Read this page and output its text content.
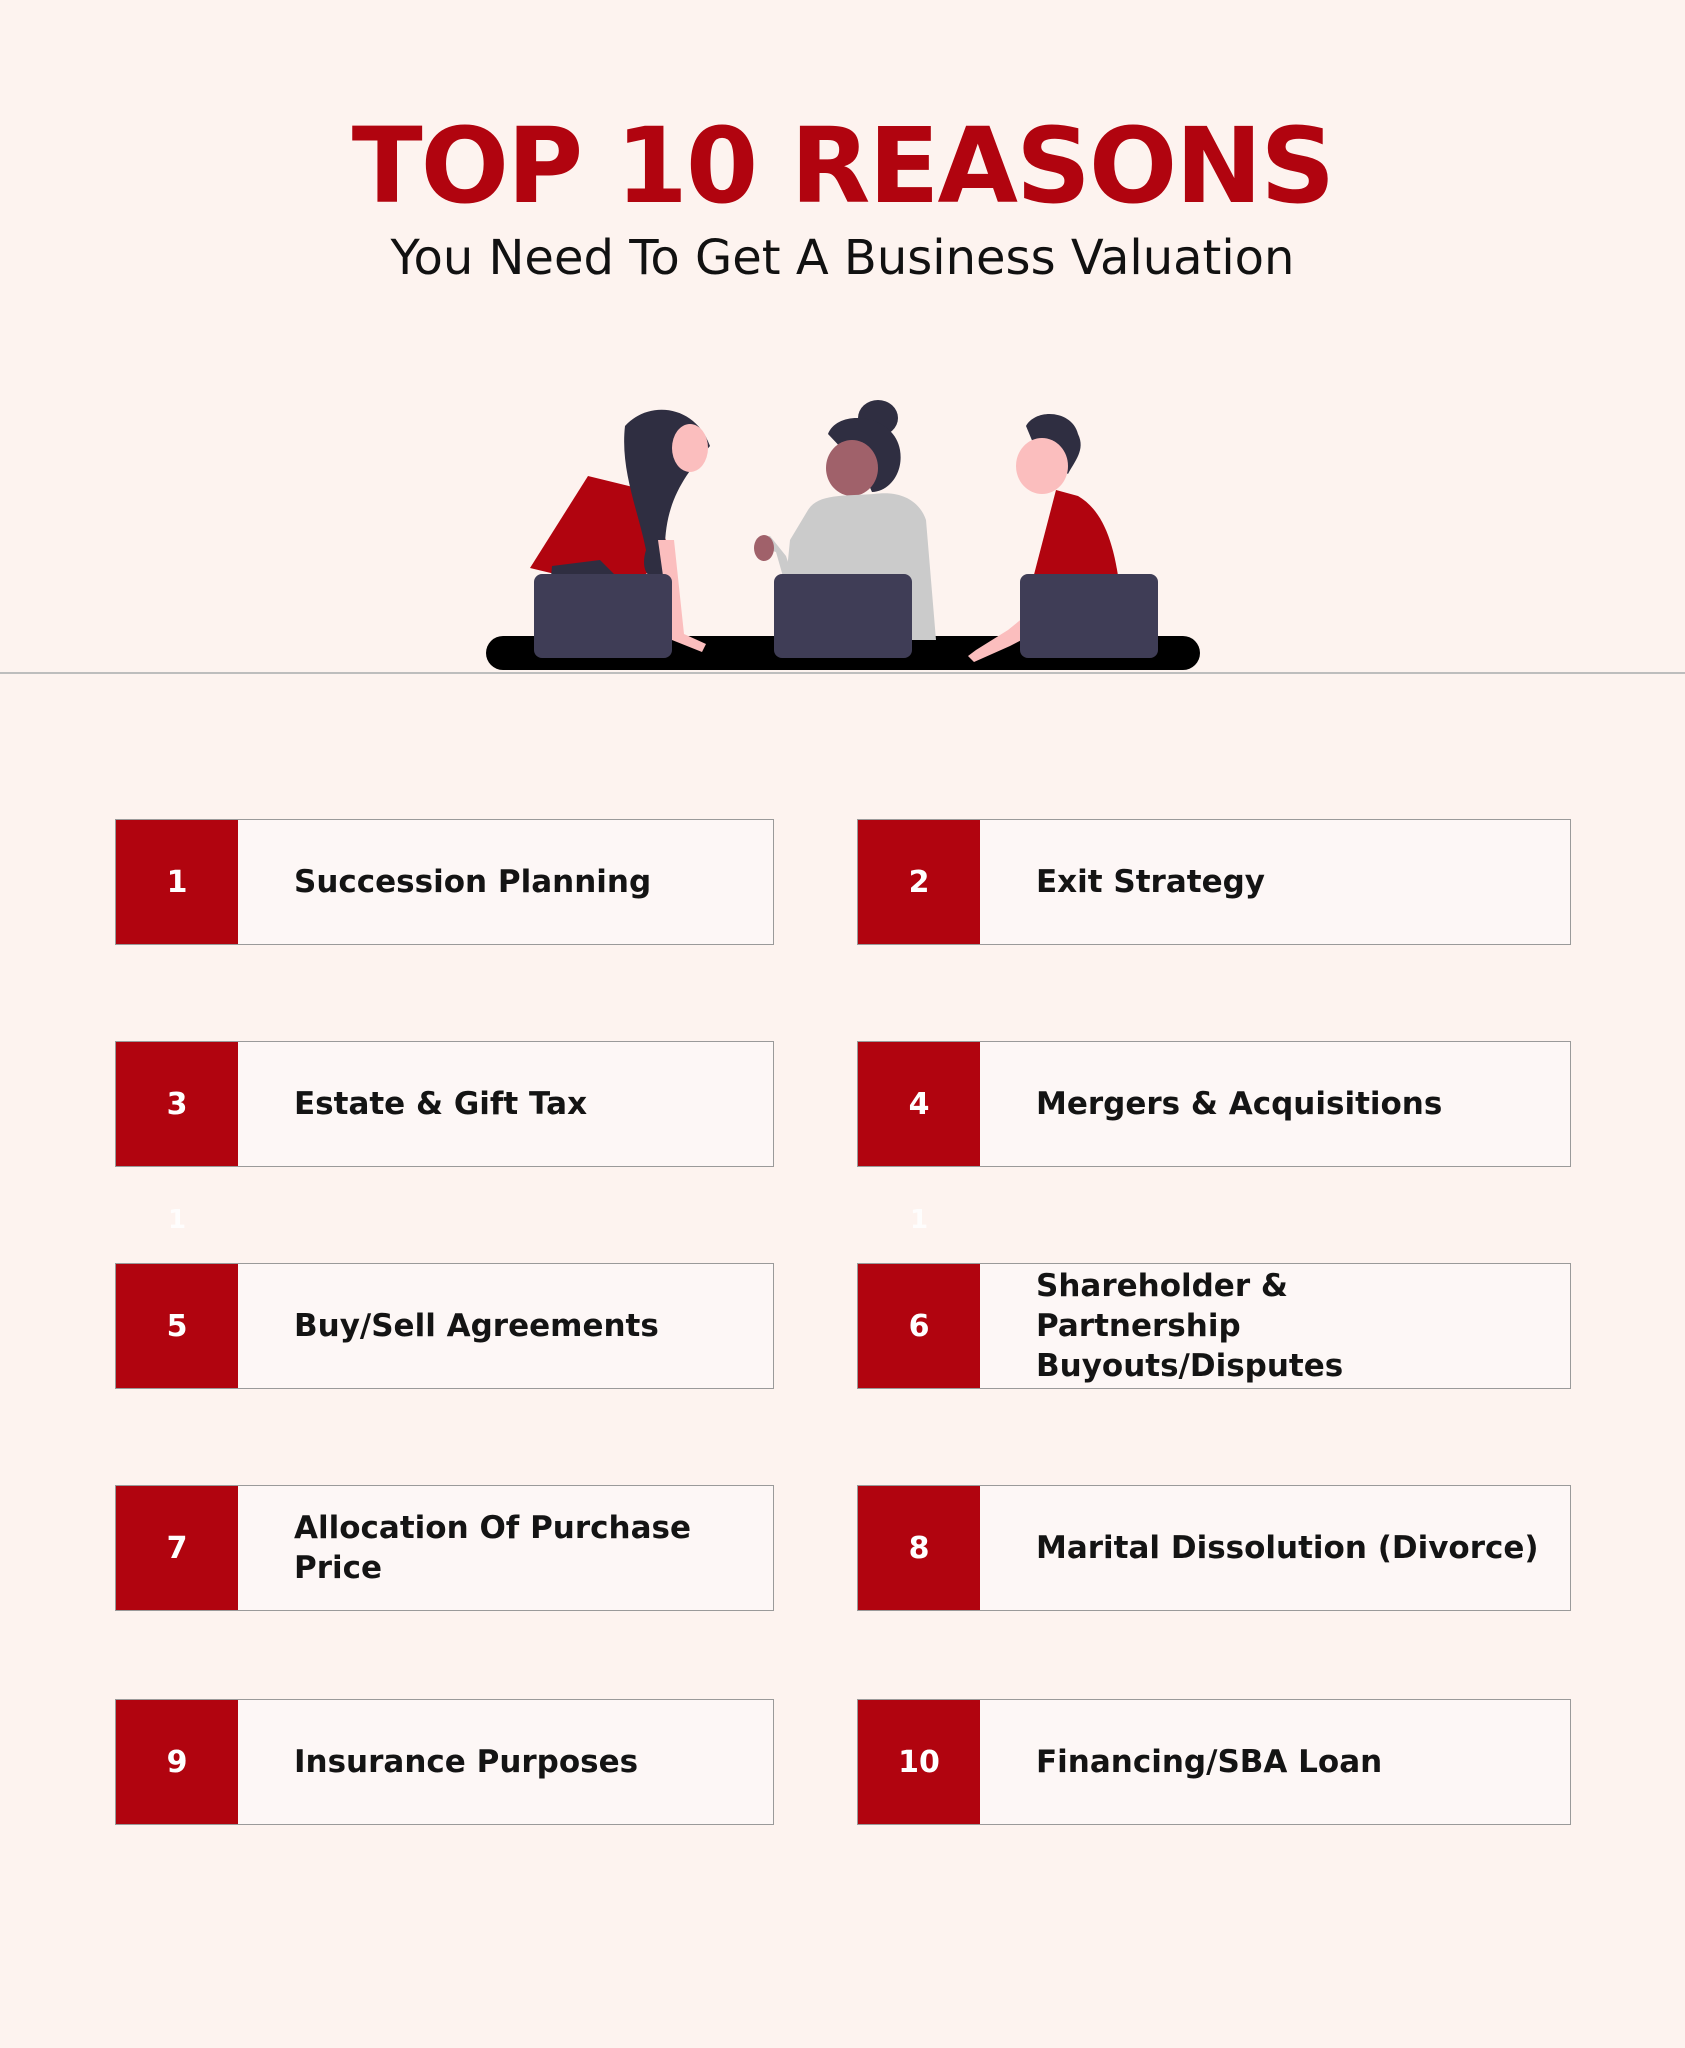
TOP 10 REASONS
You Need To Get A Business Valuation
1	Succession Planning	2	Exit Strategy
3	Estate & Gift Tax	4	Mergers & Acquisitions
1	1
5	Buy/Sell Agreements	6
Shareholder & Partnership Buyouts/Disputes
7
Allocation Of Purchase Price
8	Marital Dissolution (Divorce)
9	Insurance Purposes	10	Financing/SBA Loan
